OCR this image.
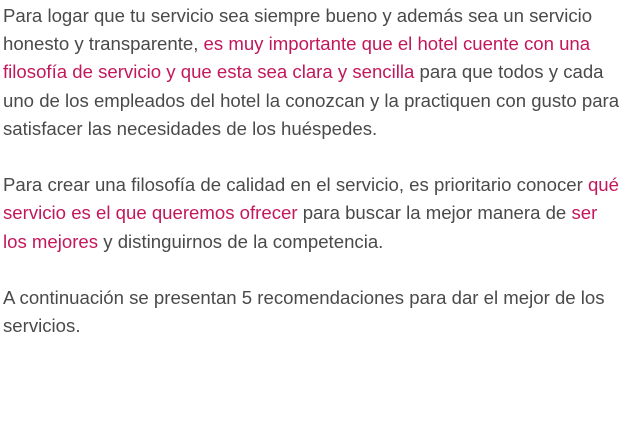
Para logar que tu servicio sea siempre bueno y además sea un servicio honesto y transparente, es muy importante que el hotel cuente con una filosofía de servicio y que esta sea clara y sencilla para que todos y cada uno de los empleados del hotel la conozcan y la practiquen con gusto para satisfacer las necesidades de los huéspedes.

Para crear una filosofía de calidad en el servicio, es prioritario conocer qué servicio es el que queremos ofrecer para buscar la mejor manera de ser los mejores y distinguirnos de la competencia.

A continuación se presentan 5 recomendaciones para dar el mejor de los servicios.
